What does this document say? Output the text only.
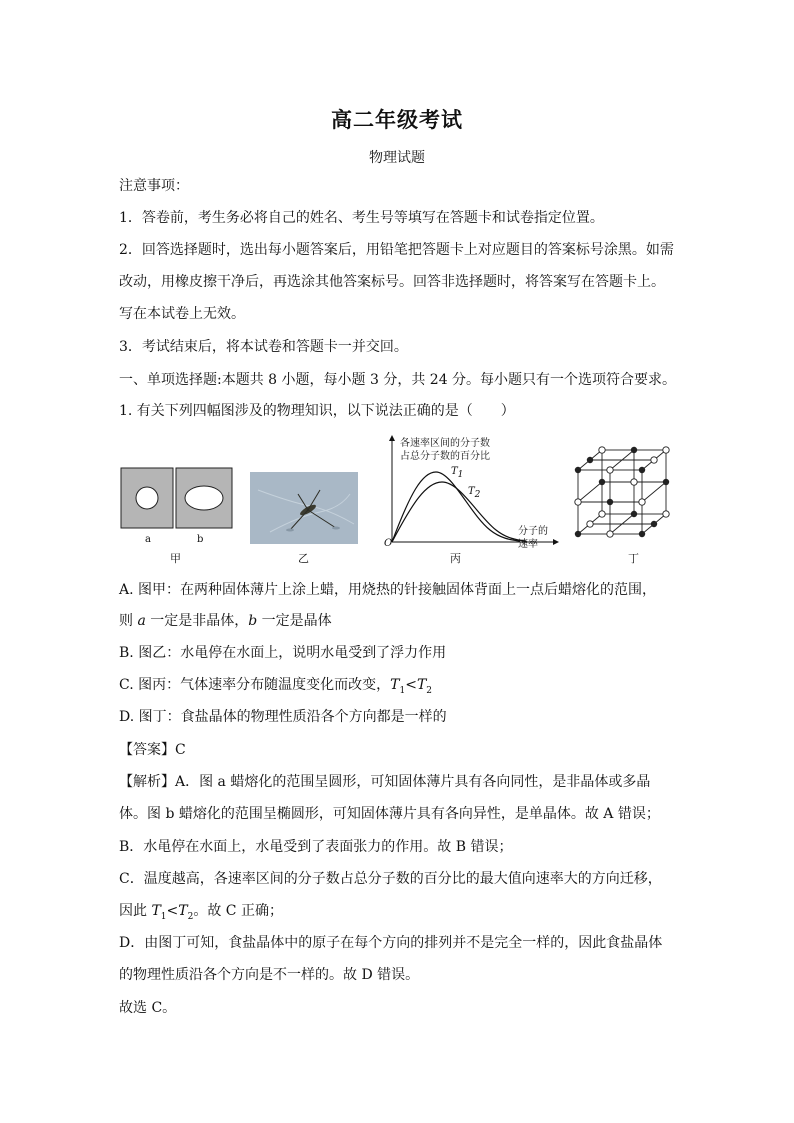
高二年级考试
物理试题
注意事项：
1．答卷前，考生务必将自己的姓名、考生号等填写在答题卡和试卷指定位置。
2．回答选择题时，选出每小题答案后，用铅笔把答题卡上对应题目的答案标号涂黑。如需
改动，用橡皮擦干净后，再选涂其他答案标号。回答非选择题时，将答案写在答题卡上。
写在本试卷上无效。
3．考试结束后，将本试卷和答题卡一并交回。
一、单项选择题:本题共 8 小题，每小题 3 分，共 24 分。每小题只有一个选项符合要求。
1. 有关下列四幅图涉及的物理知识，以下说法正确的是（　　）
a	b
甲	乙
各速率区间的分子数
占总分子数的百分比
$T_1$
$T_2$
分子的
速率
O
丙	丁
A. 图甲：在两种固体薄片上涂上蜡，用烧热的针接触固体背面上一点后蜡熔化的范围，
则 a 一定是非晶体，b 一定是晶体
B. 图乙：水黾停在水面上，说明水黾受到了浮力作用
C. 图丙：气体速率分布随温度变化而改变，$T_1<T_2$
D. 图丁：食盐晶体的物理性质沿各个方向都是一样的
【答案】C
【解析】A．图 a 蜡熔化的范围呈圆形，可知固体薄片具有各向同性，是非晶体或多晶
体。图 b 蜡熔化的范围呈椭圆形，可知固体薄片具有各向异性，是单晶体。故 A 错误；
B．水黾停在水面上，水黾受到了表面张力的作用。故 B 错误；
C．温度越高，各速率区间的分子数占总分子数的百分比的最大值向速率大的方向迁移，
因此 $T_1<T_2$。故 C 正确；
D．由图丁可知，食盐晶体中的原子在每个方向的排列并不是完全一样的，因此食盐晶体
的物理性质沿各个方向是不一样的。故 D 错误。
故选 C。
